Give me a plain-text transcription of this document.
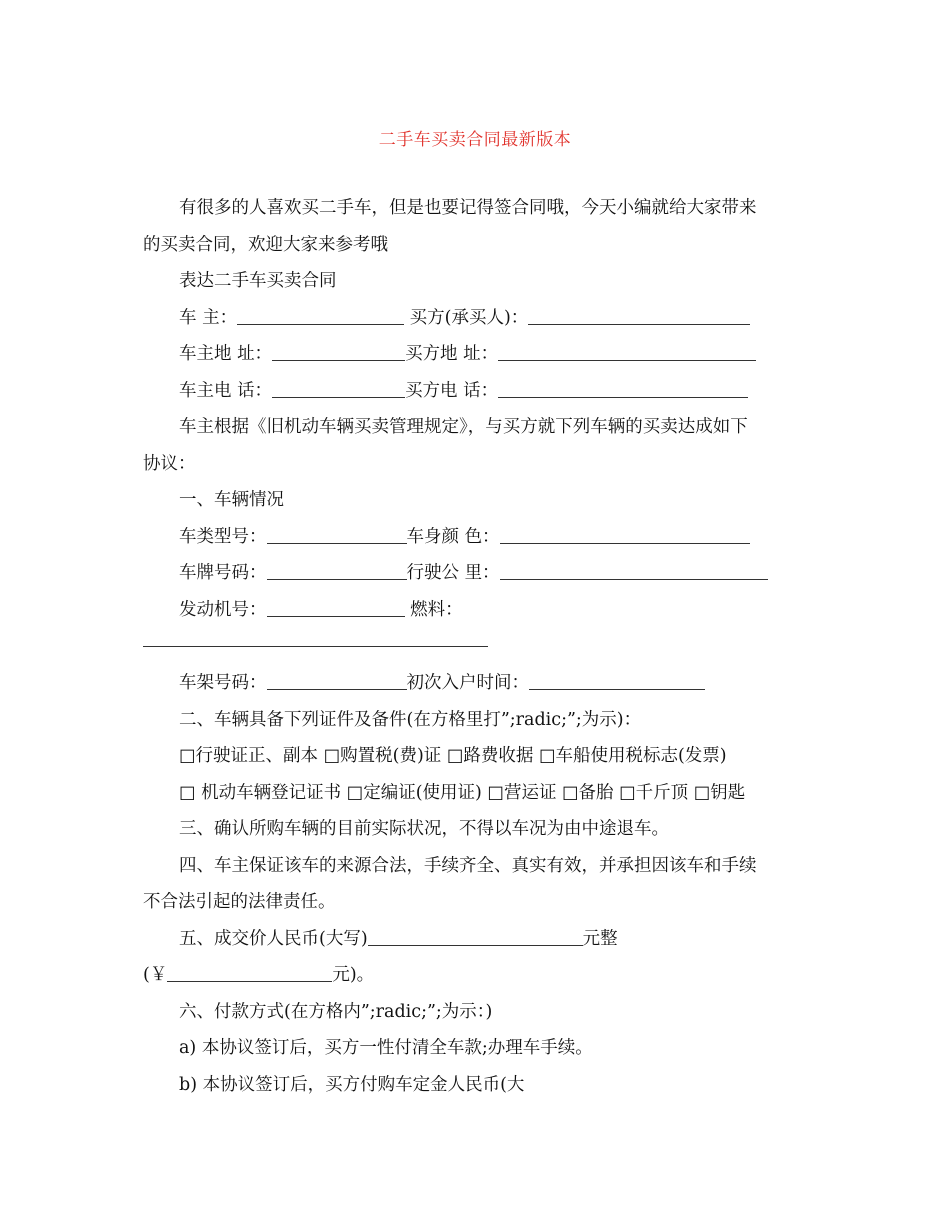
二手车买卖合同最新版本

有很多的人喜欢买二手车，但是也要记得签合同哦，今天小编就给大家带来

的买卖合同，欢迎大家来参考哦

表达二手车买卖合同

车 主：	买方(承买人)：

车主地 址：	买方地 址：

车主电 话：	买方电 话：

车主根据《旧机动车辆买卖管理规定》，与买方就下列车辆的买卖达成如下

协议：

一、车辆情况

车类型号：	车身颜 色：

车牌号码：	行驶公 里：

发动机号：	燃料：

车架号码：	初次入户时间：

二、车辆具备下列证件及备件(在方格里打”;radic;”;为示)：

□行驶证正、副本 □购置税(费)证 □路费收据 □车船使用税标志(发票)

□ 机动车辆登记证书 □定编证(使用证) □营运证 □备胎 □千斤顶 □钥匙

三、确认所购车辆的目前实际状况，不得以车况为由中途退车。

四、车主保证该车的来源合法，手续齐全、真实有效，并承担因该车和手续

不合法引起的法律责任。

五、成交价人民币(大写)	元整

(￥	元)。

六、付款方式(在方格内”;radic;”;为示：)

a) 本协议签订后，买方一性付清全车款;办理车手续。

b) 本协议签订后，买方付购车定金人民币(大
